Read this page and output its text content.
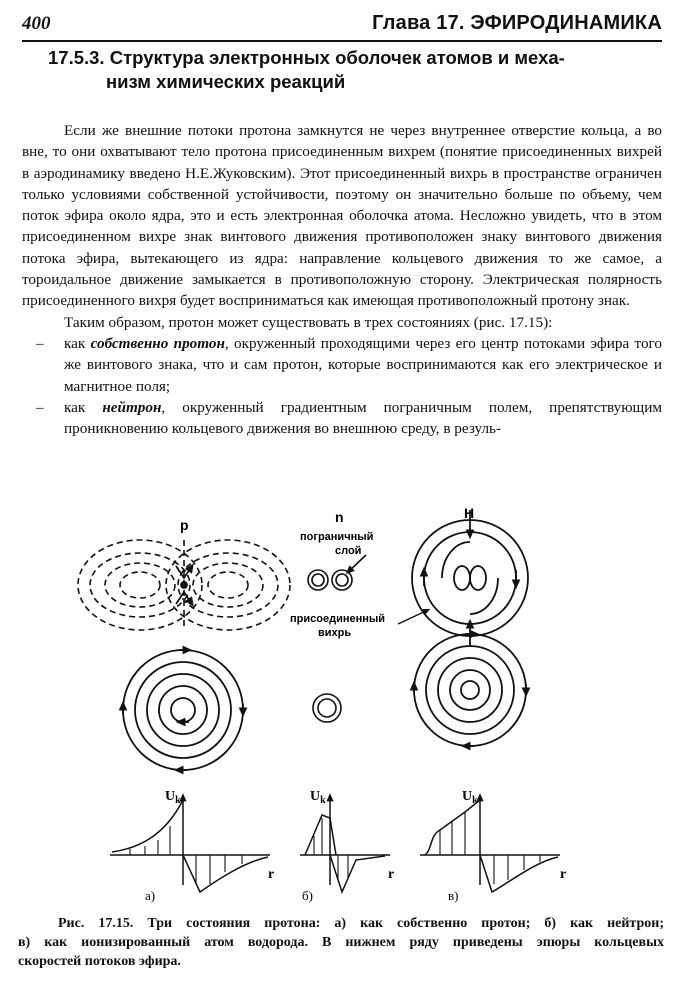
400	Глава 17. ЭФИРОДИНАМИКА
17.5.3. Структура электронных оболочек атомов и меха-
низм химических реакций

Если же внешние потоки протона замкнутся не через внутреннее отверстие кольца, а во вне, то они охватывают тело протона присоединенным вихрем (понятие присоединенных вихрей в аэродинамику введено Н.Е.Жуковским). Этот присоединенный вихрь в пространстве ограничен только условиями собственной устойчивости, поэтому он значительно больше по объему, чем поток эфира около ядра, это и есть электронная оболочка атома. Несложно увидеть, что в этом присоединенном вихре знак винтового движения противоположен знаку винтового движения потока эфира, вытекающего из ядра: направление кольцевого движения то же самое, а тороидальное движение замыкается в противоположную сторону. Электрическая полярность присоединенного вихря будет восприниматься как имеющая противоположный протону знак.

Таким образом, протон может существовать в трех состояниях (рис. 17.15):

– как собственно протон, окруженный проходящими через его центр потоками эфира того же винтового знака, что и сам протон, которые воспринимаются как его электрическое и магнитное поля;
– как нейтрон, окруженный градиентным пограничным полем, препятствующим проникновению кольцевого движения во внешнюю среду, в резуль-
p	n
пограничный
слой
присоединенный
вихрь
H
$U_k$
r
а)
$U_k$
r
б)
$U_k$
r
в)
Рис. 17.15. Три состояния протона: а) как собственно протон; б) как нейтрон;
в) как ионизированный атом водорода. В нижнем ряду приведены эпюры кольцевых
скоростей потоков эфира.
